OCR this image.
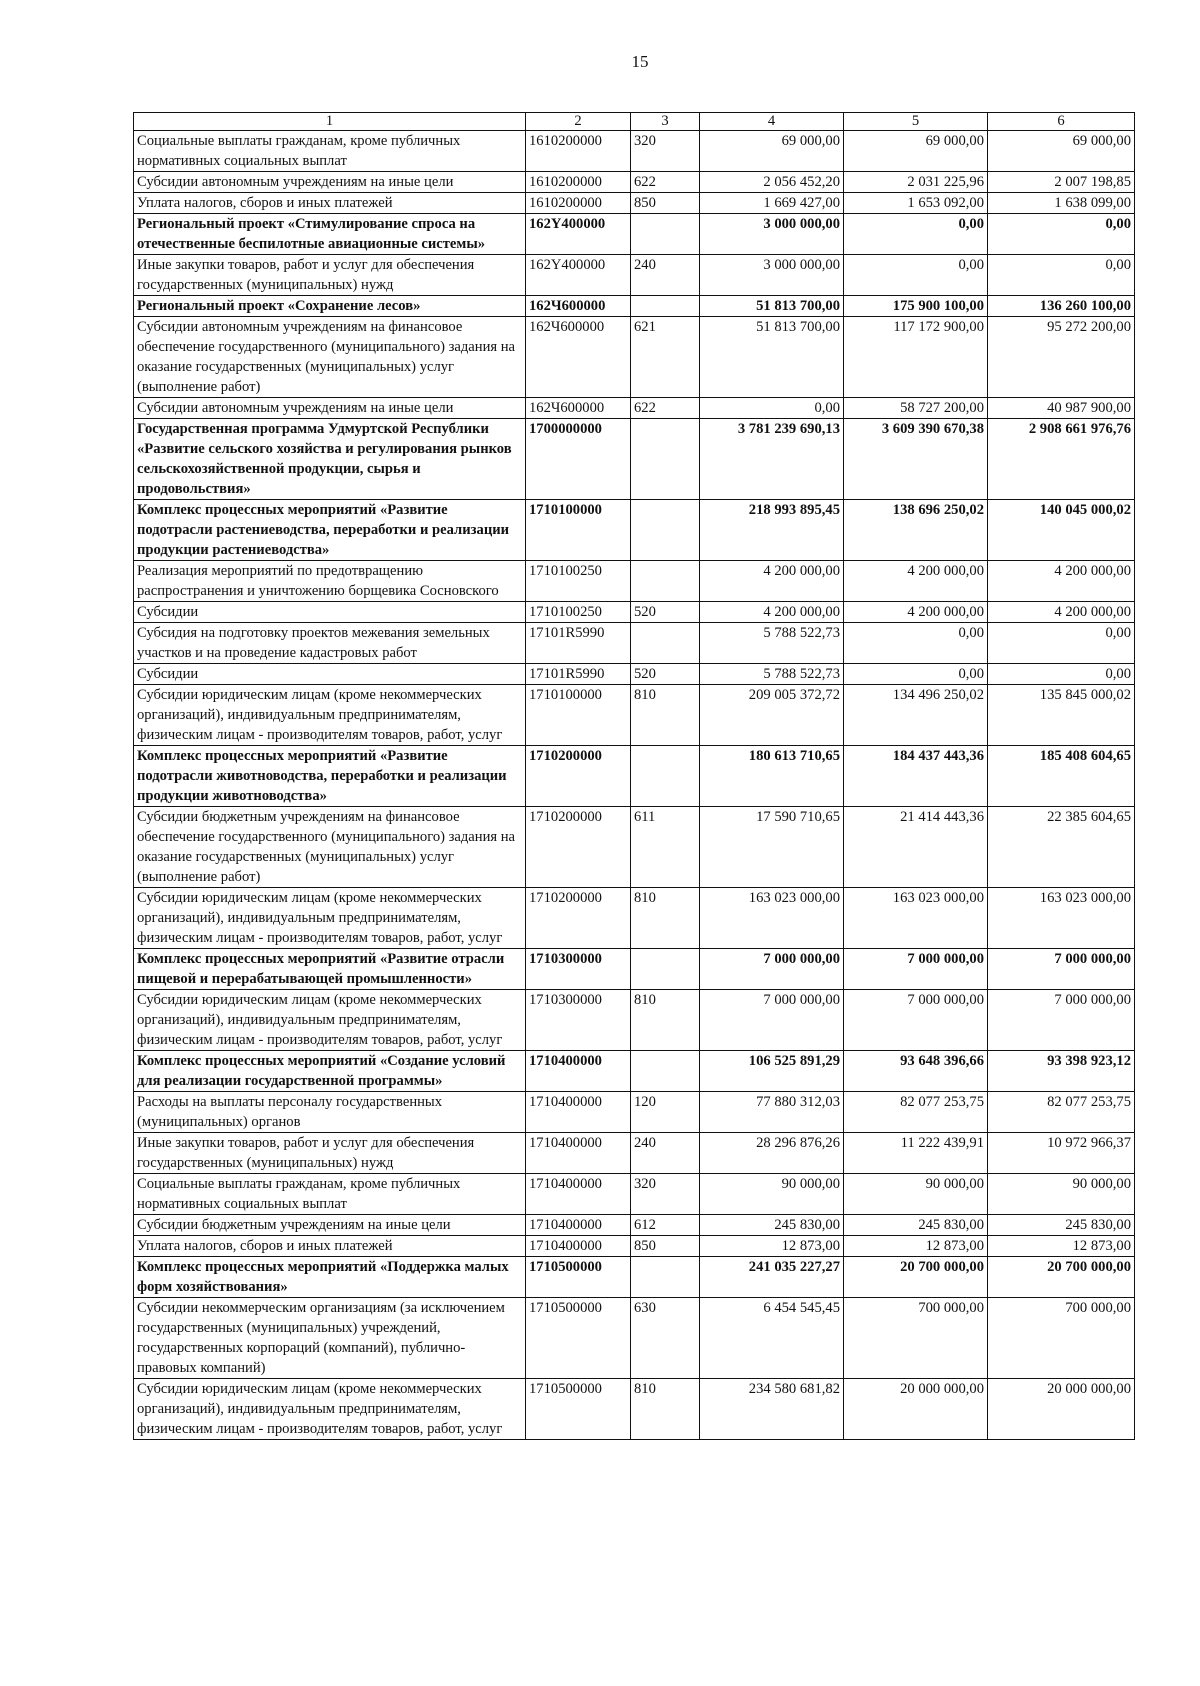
15
1	2	3	4	5	6
Социальные выплаты гражданам, кроме публичных нормативных социальных выплат	1610200000	320	69 000,00	69 000,00	69 000,00
Субсидии автономным учреждениям на иные цели	1610200000	622	2 056 452,20	2 031 225,96	2 007 198,85
Уплата налогов, сборов и иных платежей	1610200000	850	1 669 427,00	1 653 092,00	1 638 099,00
Региональный проект «Стимулирование спроса на отечественные беспилотные авиационные системы»	162Y400000		3 000 000,00	0,00	0,00
Иные закупки товаров, работ и услуг для обеспечения государственных (муниципальных) нужд	162Y400000	240	3 000 000,00	0,00	0,00
Региональный проект «Сохранение лесов»	162Ч600000		51 813 700,00	175 900 100,00	136 260 100,00
Субсидии автономным учреждениям на финансовое обеспечение государственного (муниципального) задания на оказание государственных (муниципальных) услуг (выполнение работ)	162Ч600000	621	51 813 700,00	117 172 900,00	95 272 200,00
Субсидии автономным учреждениям на иные цели	162Ч600000	622	0,00	58 727 200,00	40 987 900,00
Государственная программа Удмуртской Республики «Развитие сельского хозяйства и регулирования рынков сельскохозяйственной продукции, сырья и продовольствия»	1700000000		3 781 239 690,13	3 609 390 670,38	2 908 661 976,76
Комплекс процессных мероприятий «Развитие подотрасли растениеводства, переработки и реализации продукции растениеводства»	1710100000		218 993 895,45	138 696 250,02	140 045 000,02
Реализация мероприятий по предотвращению распространения и уничтожению борщевика Сосновского	1710100250		4 200 000,00	4 200 000,00	4 200 000,00
Субсидии	1710100250	520	4 200 000,00	4 200 000,00	4 200 000,00
Субсидия на подготовку проектов межевания земельных участков и на проведение кадастровых работ	17101R5990		5 788 522,73	0,00	0,00
Субсидии	17101R5990	520	5 788 522,73	0,00	0,00
Субсидии юридическим лицам (кроме некоммерческих организаций), индивидуальным предпринимателям, физическим лицам - производителям товаров, работ, услуг	1710100000	810	209 005 372,72	134 496 250,02	135 845 000,02
Комплекс процессных мероприятий «Развитие подотрасли животноводства, переработки и реализации продукции животноводства»	1710200000		180 613 710,65	184 437 443,36	185 408 604,65
Субсидии бюджетным учреждениям на финансовое обеспечение государственного (муниципального) задания на оказание государственных (муниципальных) услуг (выполнение работ)	1710200000	611	17 590 710,65	21 414 443,36	22 385 604,65
Субсидии юридическим лицам (кроме некоммерческих организаций), индивидуальным предпринимателям, физическим лицам - производителям товаров, работ, услуг	1710200000	810	163 023 000,00	163 023 000,00	163 023 000,00
Комплекс процессных мероприятий «Развитие отрасли пищевой и перерабатывающей промышленности»	1710300000		7 000 000,00	7 000 000,00	7 000 000,00
Субсидии юридическим лицам (кроме некоммерческих организаций), индивидуальным предпринимателям, физическим лицам - производителям товаров, работ, услуг	1710300000	810	7 000 000,00	7 000 000,00	7 000 000,00
Комплекс процессных мероприятий «Создание условий для реализации государственной программы»	1710400000		106 525 891,29	93 648 396,66	93 398 923,12
Расходы на выплаты персоналу государственных (муниципальных) органов	1710400000	120	77 880 312,03	82 077 253,75	82 077 253,75
Иные закупки товаров, работ и услуг для обеспечения государственных (муниципальных) нужд	1710400000	240	28 296 876,26	11 222 439,91	10 972 966,37
Социальные выплаты гражданам, кроме публичных нормативных социальных выплат	1710400000	320	90 000,00	90 000,00	90 000,00
Субсидии бюджетным учреждениям на иные цели	1710400000	612	245 830,00	245 830,00	245 830,00
Уплата налогов, сборов и иных платежей	1710400000	850	12 873,00	12 873,00	12 873,00
Комплекс процессных мероприятий «Поддержка малых форм хозяйствования»	1710500000		241 035 227,27	20 700 000,00	20 700 000,00
Субсидии некоммерческим организациям (за исключением государственных (муниципальных) учреждений, государственных корпораций (компаний), публично-правовых компаний)	1710500000	630	6 454 545,45	700 000,00	700 000,00
Субсидии юридическим лицам (кроме некоммерческих организаций), индивидуальным предпринимателям, физическим лицам - производителям товаров, работ, услуг	1710500000	810	234 580 681,82	20 000 000,00	20 000 000,00
